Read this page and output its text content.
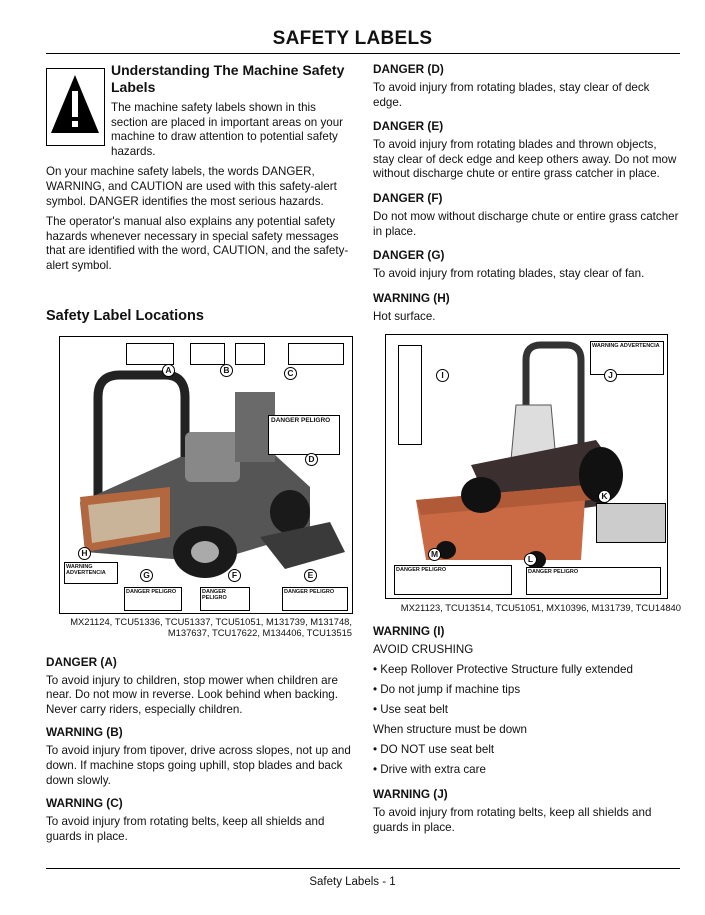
SAFETY LABELS
Understanding The Machine Safety Labels
The machine safety labels shown in this section are placed in important areas on your machine to draw attention to potential safety hazards.
On your machine safety labels, the words DANGER, WARNING, and CAUTION are used with this safety-alert symbol. DANGER identifies the most serious hazards.
The operator's manual also explains any potential safety hazards whenever necessary in special safety messages that are identified with the word, CAUTION, and the safety-alert symbol.
Safety Label Locations
DANGER PELIGRO
WARNING ADVERTENCIA
DANGER PELIGRO	DANGER PELIGRO
DANGER PELIGRO
A	B	C
D
E
F
G
H
MX21124, TCU51336, TCU51337, TCU51051, M131739, M131748, M137637, TCU17622, M134406, TCU13515
DANGER (A)
To avoid injury to children, stop mower when children are near. Do not mow in reverse. Look behind when backing. Never carry riders, especially children.
WARNING (B)
To avoid injury from tipover, drive across slopes, not up and down. If machine stops going uphill, stop blades and back down slowly.
WARNING (C)
To avoid injury from rotating belts, keep all shields and guards in place.
DANGER (D)
To avoid injury from rotating blades, stay clear of deck edge.
DANGER (E)
To avoid injury from rotating blades and thrown objects, stay clear of deck edge and keep others away. Do not mow without discharge chute or entire grass catcher in place.
DANGER (F)
Do not mow without discharge chute or entire grass catcher in place.
DANGER (G)
To avoid injury from rotating blades, stay clear of fan.
WARNING (H)
Hot surface.
WARNING ADVERTENCIA
DANGER PELIGRO	DANGER PELIGRO
I	J
K
L
M
MX21123, TCU13514, TCU51051, MX10396, M131739, TCU14840
WARNING (I)
AVOID CRUSHING
• Keep Rollover Protective Structure fully extended
• Do not jump if machine tips
• Use seat belt
When structure must be down
• DO NOT use seat belt
• Drive with extra care
WARNING (J)
To avoid injury from rotating belts, keep all shields and guards in place.
Safety Labels - 1
